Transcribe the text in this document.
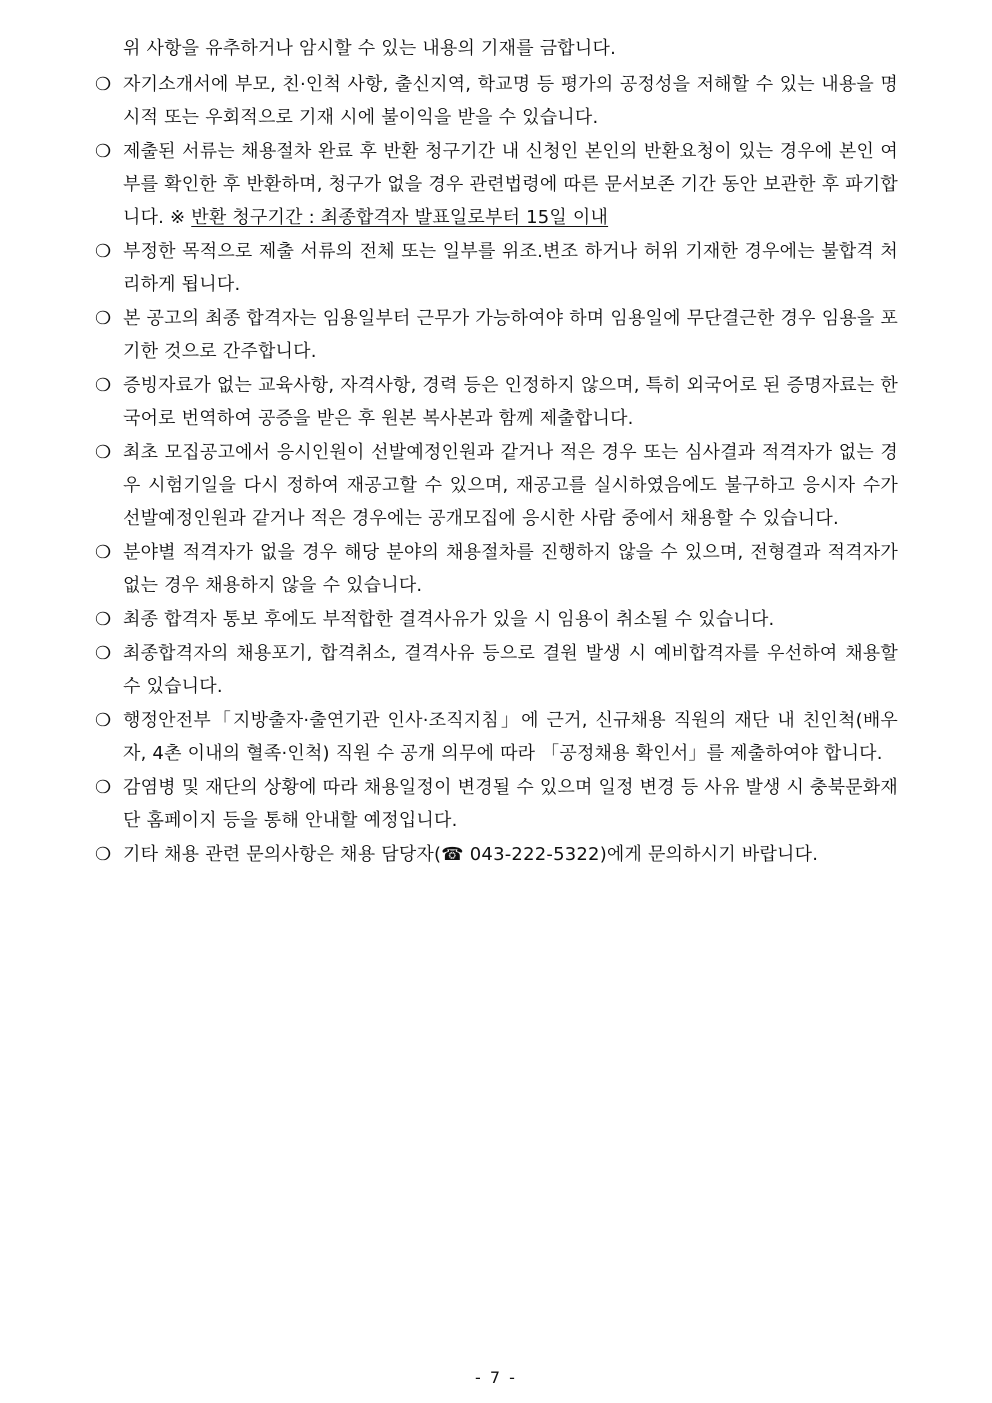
위 사항을 유추하거나 암시할 수 있는 내용의 기재를 금합니다.
❍ 자기소개서에 부모, 친·인척 사항, 출신지역, 학교명 등 평가의 공정성을 저해할 수 있는 내용을 명시적 또는 우회적으로 기재 시에 불이익을 받을 수 있습니다.
❍ 제출된 서류는 채용절차 완료 후 반환 청구기간 내 신청인 본인의 반환요청이 있는 경우에 본인 여부를 확인한 후 반환하며, 청구가 없을 경우 관련법령에 따른 문서보존 기간 동안 보관한 후 파기합니다. ※ 반환 청구기간 : 최종합격자 발표일로부터 15일 이내
❍ 부정한 목적으로 제출 서류의 전체 또는 일부를 위조.변조 하거나 허위 기재한 경우에는 불합격 처리하게 됩니다.
❍ 본 공고의 최종 합격자는 임용일부터 근무가 가능하여야 하며 임용일에 무단결근한 경우 임용을 포기한 것으로 간주합니다.
❍ 증빙자료가 없는 교육사항, 자격사항, 경력 등은 인정하지 않으며, 특히 외국어로 된 증명자료는 한국어로 번역하여 공증을 받은 후 원본 복사본과 함께 제출합니다.
❍ 최초 모집공고에서 응시인원이 선발예정인원과 같거나 적은 경우 또는 심사결과 적격자가 없는 경우 시험기일을 다시 정하여 재공고할 수 있으며, 재공고를 실시하였음에도 불구하고 응시자 수가 선발예정인원과 같거나 적은 경우에는 공개모집에 응시한 사람 중에서 채용할 수 있습니다.
❍ 분야별 적격자가 없을 경우 해당 분야의 채용절차를 진행하지 않을 수 있으며, 전형결과 적격자가 없는 경우 채용하지 않을 수 있습니다.
❍ 최종 합격자 통보 후에도 부적합한 결격사유가 있을 시 임용이 취소될 수 있습니다.
❍ 최종합격자의 채용포기, 합격취소, 결격사유 등으로 결원 발생 시 예비합격자를 우선하여 채용할 수 있습니다.
❍ 행정안전부「지방출자·출연기관 인사·조직지침」에 근거, 신규채용 직원의 재단 내 친인척(배우자, 4촌 이내의 혈족·인척) 직원 수 공개 의무에 따라 「공정채용 확인서」를 제출하여야 합니다.
❍ 감염병 및 재단의 상황에 따라 채용일정이 변경될 수 있으며 일정 변경 등 사유 발생 시 충북문화재단 홈페이지 등을 통해 안내할 예정입니다.
❍ 기타 채용 관련 문의사항은 채용 담당자(☎ 043-222-5322)에게 문의하시기 바랍니다.
- 7 -
